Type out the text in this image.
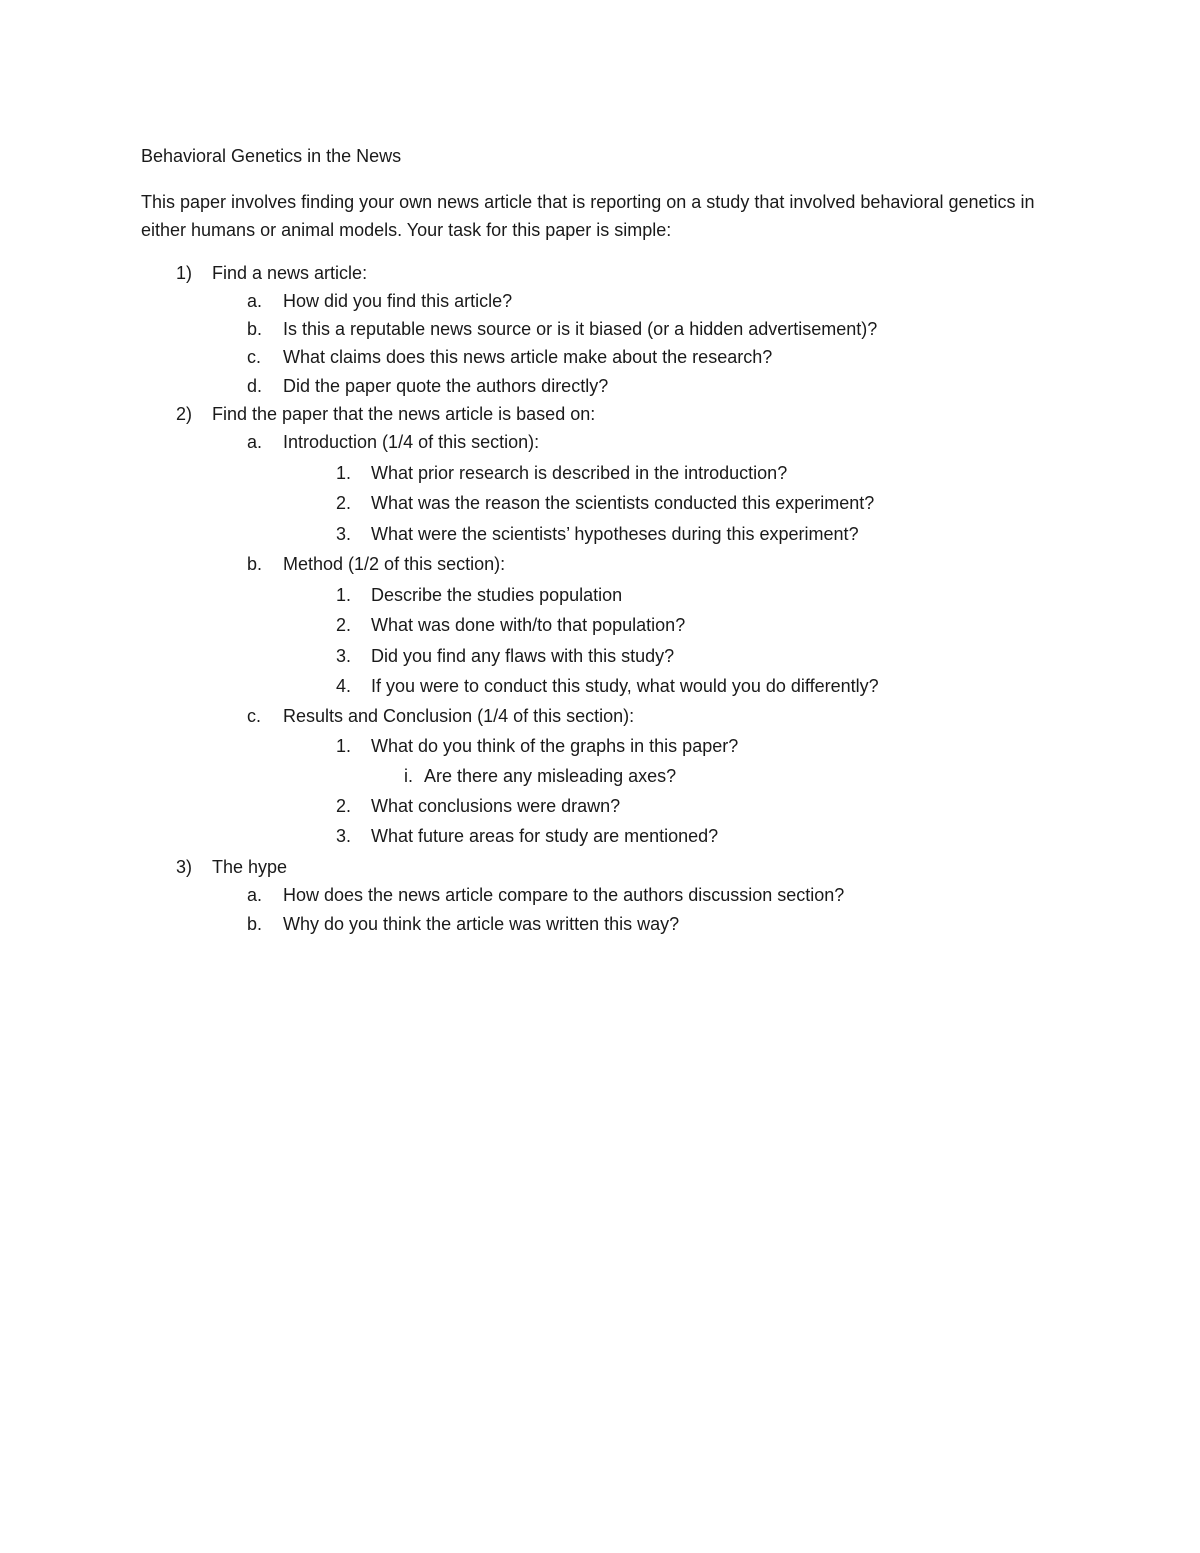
Behavioral Genetics in the News
This paper involves finding your own news article that is reporting on a study that involved behavioral genetics in either humans or animal models. Your task for this paper is simple:
1) Find a news article:
a. How did you find this article?
b. Is this a reputable news source or is it biased (or a hidden advertisement)?
c. What claims does this news article make about the research?
d. Did the paper quote the authors directly?
2) Find the paper that the news article is based on:
a. Introduction (1/4 of this section):
1. What prior research is described in the introduction?
2. What was the reason the scientists conducted this experiment?
3. What were the scientists’ hypotheses during this experiment?
b. Method (1/2 of this section):
1. Describe the studies population
2. What was done with/to that population?
3. Did you find any flaws with this study?
4. If you were to conduct this study, what would you do differently?
c. Results and Conclusion (1/4 of this section):
1. What do you think of the graphs in this paper?
i. Are there any misleading axes?
2. What conclusions were drawn?
3. What future areas for study are mentioned?
3) The hype
a. How does the news article compare to the authors discussion section?
b. Why do you think the article was written this way?
